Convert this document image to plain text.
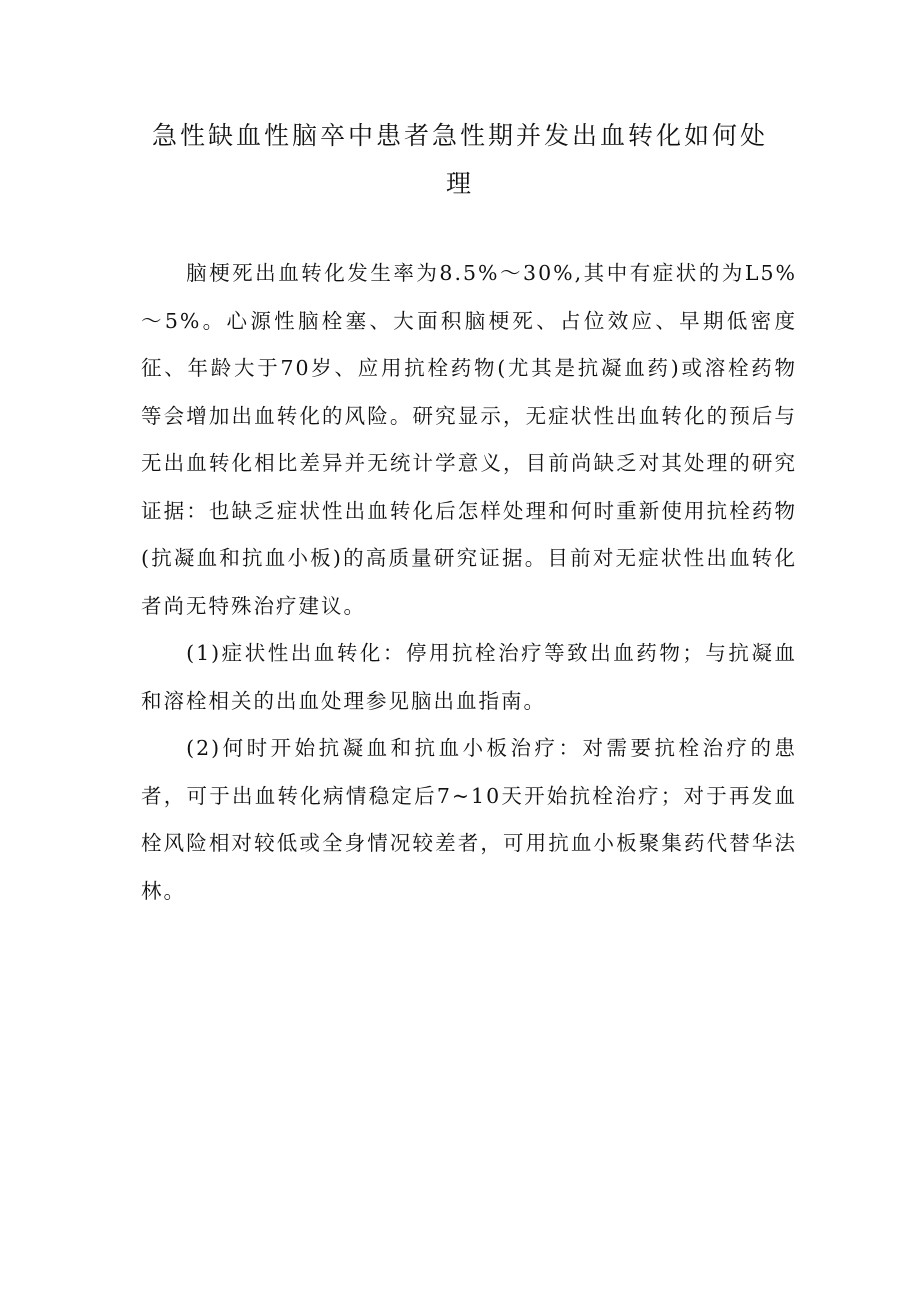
急性缺血性脑卒中患者急性期并发出血转化如何处理

脑梗死出血转化发生率为8.5%～30%,其中有症状的为L5%～5%。心源性脑栓塞、大面积脑梗死、占位效应、早期低密度征、年龄大于70岁、应用抗栓药物(尤其是抗凝血药)或溶栓药物等会增加出血转化的风险。研究显示，无症状性出血转化的预后与无出血转化相比差异并无统计学意义，目前尚缺乏对其处理的研究证据：也缺乏症状性出血转化后怎样处理和何时重新使用抗栓药物(抗凝血和抗血小板)的高质量研究证据。目前对无症状性出血转化者尚无特殊治疗建议。

(1)症状性出血转化：停用抗栓治疗等致出血药物；与抗凝血和溶栓相关的出血处理参见脑出血指南。

(2)何时开始抗凝血和抗血小板治疗：对需要抗栓治疗的患者，可于出血转化病情稳定后7~10天开始抗栓治疗；对于再发血栓风险相对较低或全身情况较差者，可用抗血小板聚集药代替华法林。
